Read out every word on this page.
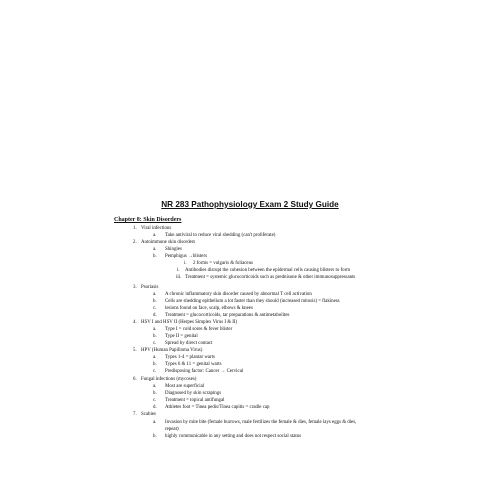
NR 283 Pathophysiology Exam 2 Study Guide
Chapter 8: Skin Disorders
1. Viral infections
a. Take antiviral to reduce viral shedding (can't proliferate)
2. Autoimmune skin disorders
a. Shingles
b. Pemphigus →blisters
i. 2 forms = vulgaris & foliaceus
i. Antibodies disrupt the cohesion between the epidermal cells causing blisters to form
iii. Treatment = systemic glucocorticoids such as prednisone & other immunosuppressants
3. Psoriasis
a. A chronic inflammatory skin disorder caused by abnormal T cell activation
b. Cells are shedding epithelium a lot faster than they should (increased mitosis) = flakiness
c. lesions found on face, scalp, elbows & knees
d. Treatment = glucocorticoids, tar preparations & antimetabolites
4. HSV I and HSV II (Herpes Simplex Virus I & II)
a. Type I = cold sores & fever blister
b. Type II = genital
c. Spread by direct contact
5. HPV (Human Papilloma Virus)
a. Types 1-4 = plantar warts
b. Types 6 & 11 = genital warts
c. Predisposing factor: Cancer → Cervical
6. Fungal infections (mycoses)
a. Most are superficial
b. Diagnosed by skin scrapings
c. Treatment = topical antifungal
d. Athletes foot = Tinea pedis/Tinea capitis = cradle cap
7. Scabies
a. Invasion by mite bite (female burrows, male fertilizes the female & dies, female lays eggs & dies,
repeat)
b. highly communicable in any setting and does not respect social status
